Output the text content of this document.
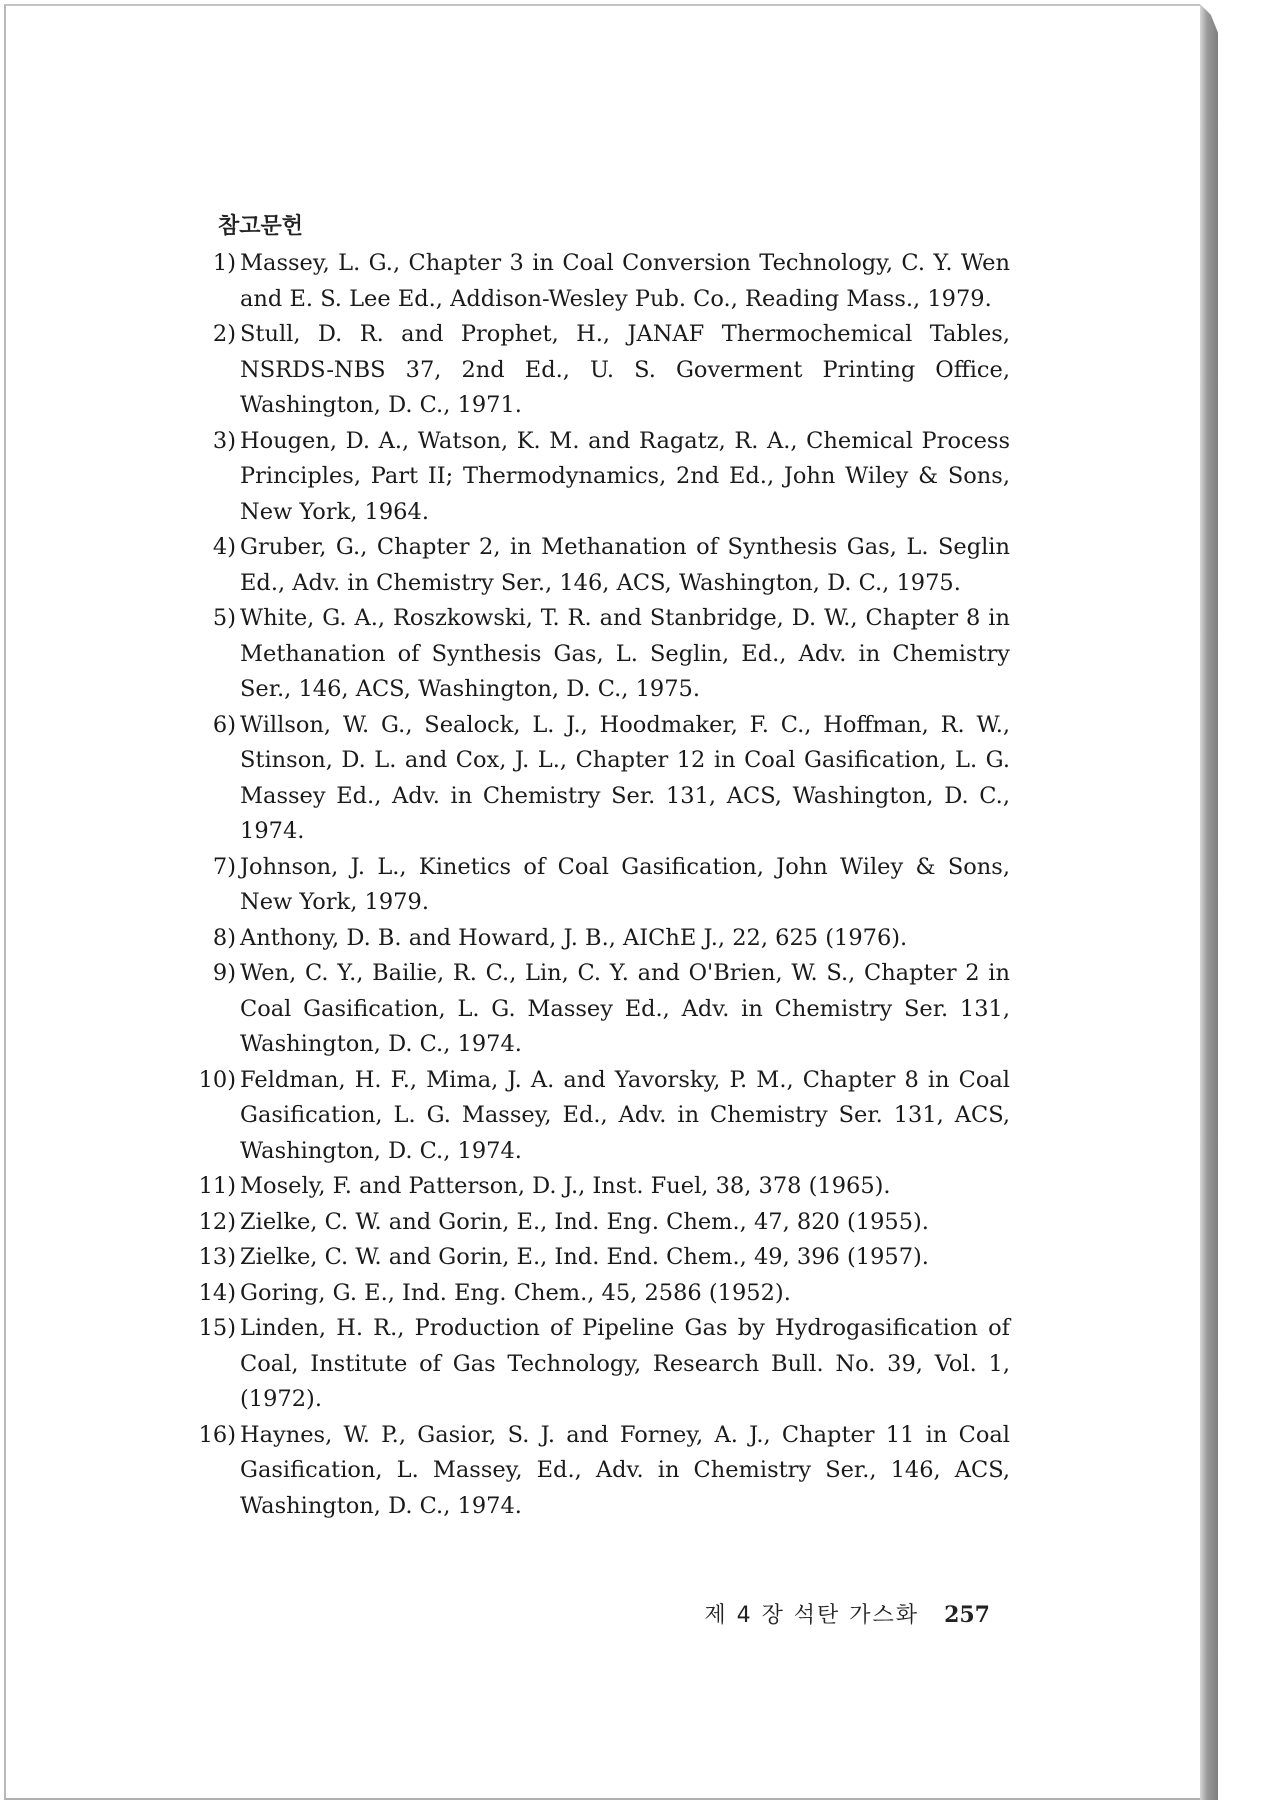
참고문헌
1) Massey, L. G., Chapter 3 in Coal Conversion Technology, C. Y. Wen and E. S. Lee Ed., Addison-Wesley Pub. Co., Reading Mass., 1979.
2) Stull, D. R. and Prophet, H., JANAF Thermochemical Tables, NSRDS-NBS 37, 2nd Ed., U. S. Goverment Printing Office, Washington, D. C., 1971.
3) Hougen, D. A., Watson, K. M. and Ragatz, R. A., Chemical Process Principles, Part II; Thermodynamics, 2nd Ed., John Wiley & Sons, New York, 1964.
4) Gruber, G., Chapter 2, in Methanation of Synthesis Gas, L. Seglin Ed., Adv. in Chemistry Ser., 146, ACS, Washington, D. C., 1975.
5) White, G. A., Roszkowski, T. R. and Stanbridge, D. W., Chapter 8 in Methanation of Synthesis Gas, L. Seglin, Ed., Adv. in Chemistry Ser., 146, ACS, Washington, D. C., 1975.
6) Willson, W. G., Sealock, L. J., Hoodmaker, F. C., Hoffman, R. W., Stinson, D. L. and Cox, J. L., Chapter 12 in Coal Gasification, L. G. Massey Ed., Adv. in Chemistry Ser. 131, ACS, Washington, D. C., 1974.
7) Johnson, J. L., Kinetics of Coal Gasification, John Wiley & Sons, New York, 1979.
8) Anthony, D. B. and Howard, J. B., AIChE J., 22, 625 (1976).
9) Wen, C. Y., Bailie, R. C., Lin, C. Y. and O'Brien, W. S., Chapter 2 in Coal Gasification, L. G. Massey Ed., Adv. in Chemistry Ser. 131, Washington, D. C., 1974.
10) Feldman, H. F., Mima, J. A. and Yavorsky, P. M., Chapter 8 in Coal Gasification, L. G. Massey, Ed., Adv. in Chemistry Ser. 131, ACS, Washington, D. C., 1974.
11) Mosely, F. and Patterson, D. J., Inst. Fuel, 38, 378 (1965).
12) Zielke, C. W. and Gorin, E., Ind. Eng. Chem., 47, 820 (1955).
13) Zielke, C. W. and Gorin, E., Ind. End. Chem., 49, 396 (1957).
14) Goring, G. E., Ind. Eng. Chem., 45, 2586 (1952).
15) Linden, H. R., Production of Pipeline Gas by Hydrogasification of Coal, Institute of Gas Technology, Research Bull. No. 39, Vol. 1, (1972).
16) Haynes, W. P., Gasior, S. J. and Forney, A. J., Chapter 11 in Coal Gasification, L. Massey, Ed., Adv. in Chemistry Ser., 146, ACS, Washington, D. C., 1974.
제 4 장 석탄 가스화 257
